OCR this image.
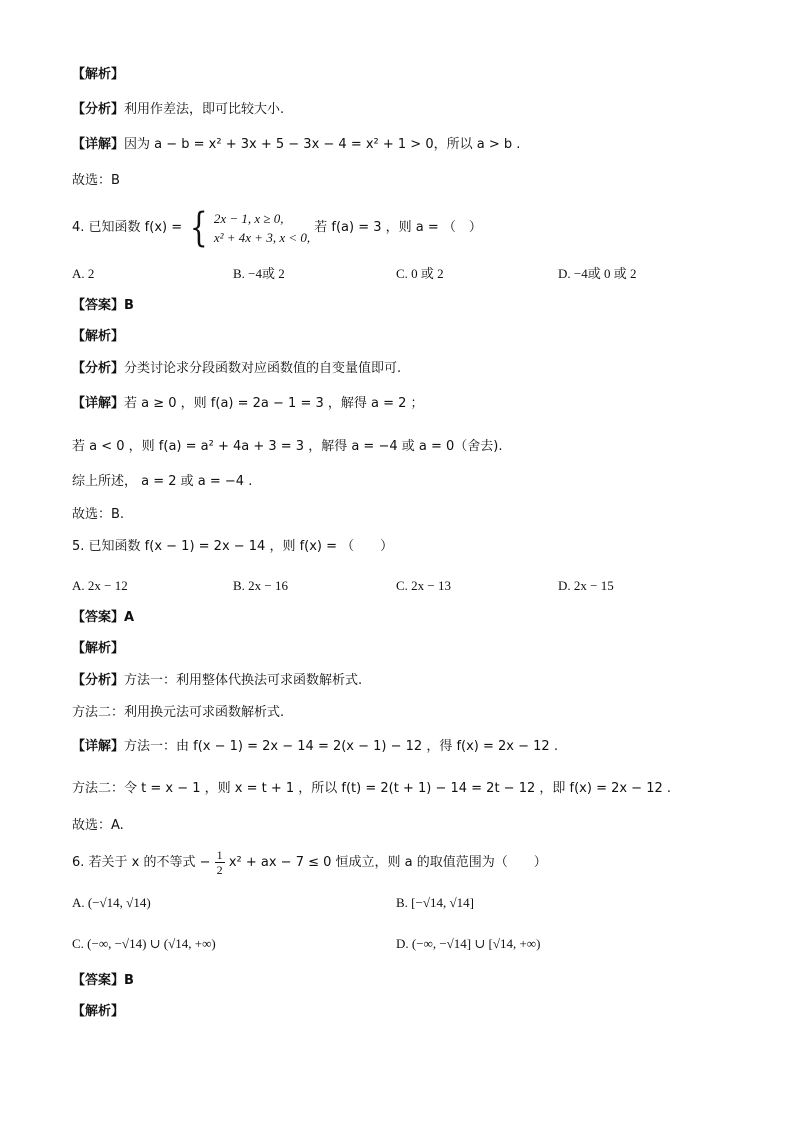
【解析】
【分析】利用作差法，即可比较大小.
【详解】因为 a − b = x² + 3x + 5 − 3x − 4 = x² + 1 > 0，所以 a > b .
故选：B
4. 已知函数 f(x) = { 2x − 1, x ≥ 0,
x² + 4x + 3, x < 0,
若 f(a) = 3 ，则 a = （　）
A. 2	B. −4或 2	C. 0 或 2	D. −4或 0 或 2
【答案】B
【解析】
【分析】分类讨论求分段函数对应函数值的自变量值即可.
【详解】若 a ≥ 0 ，则 f(a) = 2a − 1 = 3 ，解得 a = 2 ；
若 a < 0 ，则 f(a) = a² + 4a + 3 = 3 ，解得 a = −4 或 a = 0（舍去).
综上所述， a = 2 或 a = −4 .
故选：B.
5. 已知函数 f(x − 1) = 2x − 14 ，则 f(x) = （　　）
A. 2x − 12	B. 2x − 16	C. 2x − 13	D. 2x − 15
【答案】A
【解析】
【分析】方法一：利用整体代换法可求函数解析式.
方法二：利用换元法可求函数解析式.
【详解】方法一：由 f(x − 1) = 2x − 14 = 2(x − 1) − 12 ，得 f(x) = 2x − 12 .
方法二：令 t = x − 1 ，则 x = t + 1 ，所以 f(t) = 2(t + 1) − 14 = 2t − 12 ，即 f(x) = 2x − 12 .
故选：A.
6. 若关于 x 的不等式 − $\frac{1}{2} x^2$ + ax − 7 ≤ 0 恒成立，则 a 的取值范围为（　　）
A. (−√14, √14)	B. [−√14, √14]
C. (−∞, −√14) ∪ (√14, +∞)	D. (−∞, −√14] ∪ [√14, +∞)
【答案】B
【解析】
